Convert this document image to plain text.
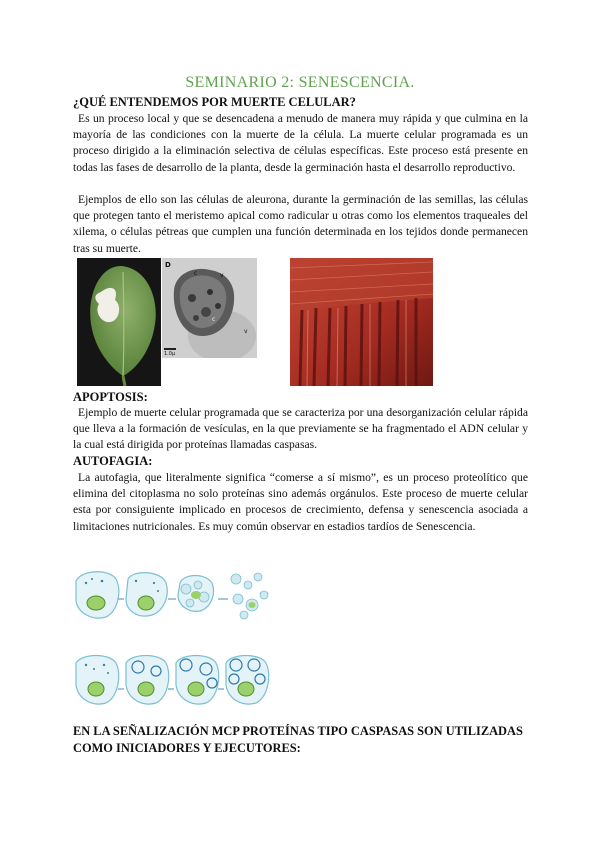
SEMINARIO 2: SENESCENCIA.
¿QUÉ ENTENDEMOS POR MUERTE CELULAR?

Es un proceso local y que se desencadena a menudo de manera muy rápida y que culmina en la mayoría de las condiciones con la muerte de la célula. La muerte celular programada es un proceso dirigido a la eliminación selectiva de células específicas. Este proceso está presente en todas las fases de desarrollo de la planta, desde la germinación hasta el desarrollo reproductivo.

Ejemplos de ello son las células de aleurona, durante la germinación de las semillas, las células que protegen tanto el meristemo apical como radicular u otras como los elementos traqueales del xilema, o células pétreas que cumplen una función determinada en los tejidos donde permanecen tras su muerte.

D
c	v
c
v
1.0μ
APOPTOSIS:

Ejemplo de muerte celular programada que se caracteriza por una desorganización celular rápida que lleva a la formación de vesículas, en la que previamente se ha fragmentado el ADN celular y la cual está dirigida por proteínas llamadas caspasas.

AUTOFAGIA:

La autofagia, que literalmente significa “comerse a sí mismo”, es un proceso proteolítico que elimina del citoplasma no solo proteínas sino además orgánulos. Este proceso de muerte celular esta por consiguiente implicado en procesos de crecimiento, defensa y senescencia asociada a limitaciones nutricionales. Es muy común observar en estadios tardíos de Senescencia.

EN LA SEÑALIZACIÓN MCP PROTEÍNAS TIPO CASPASAS SON UTILIZADAS COMO INICIADORES Y EJECUTORES:
